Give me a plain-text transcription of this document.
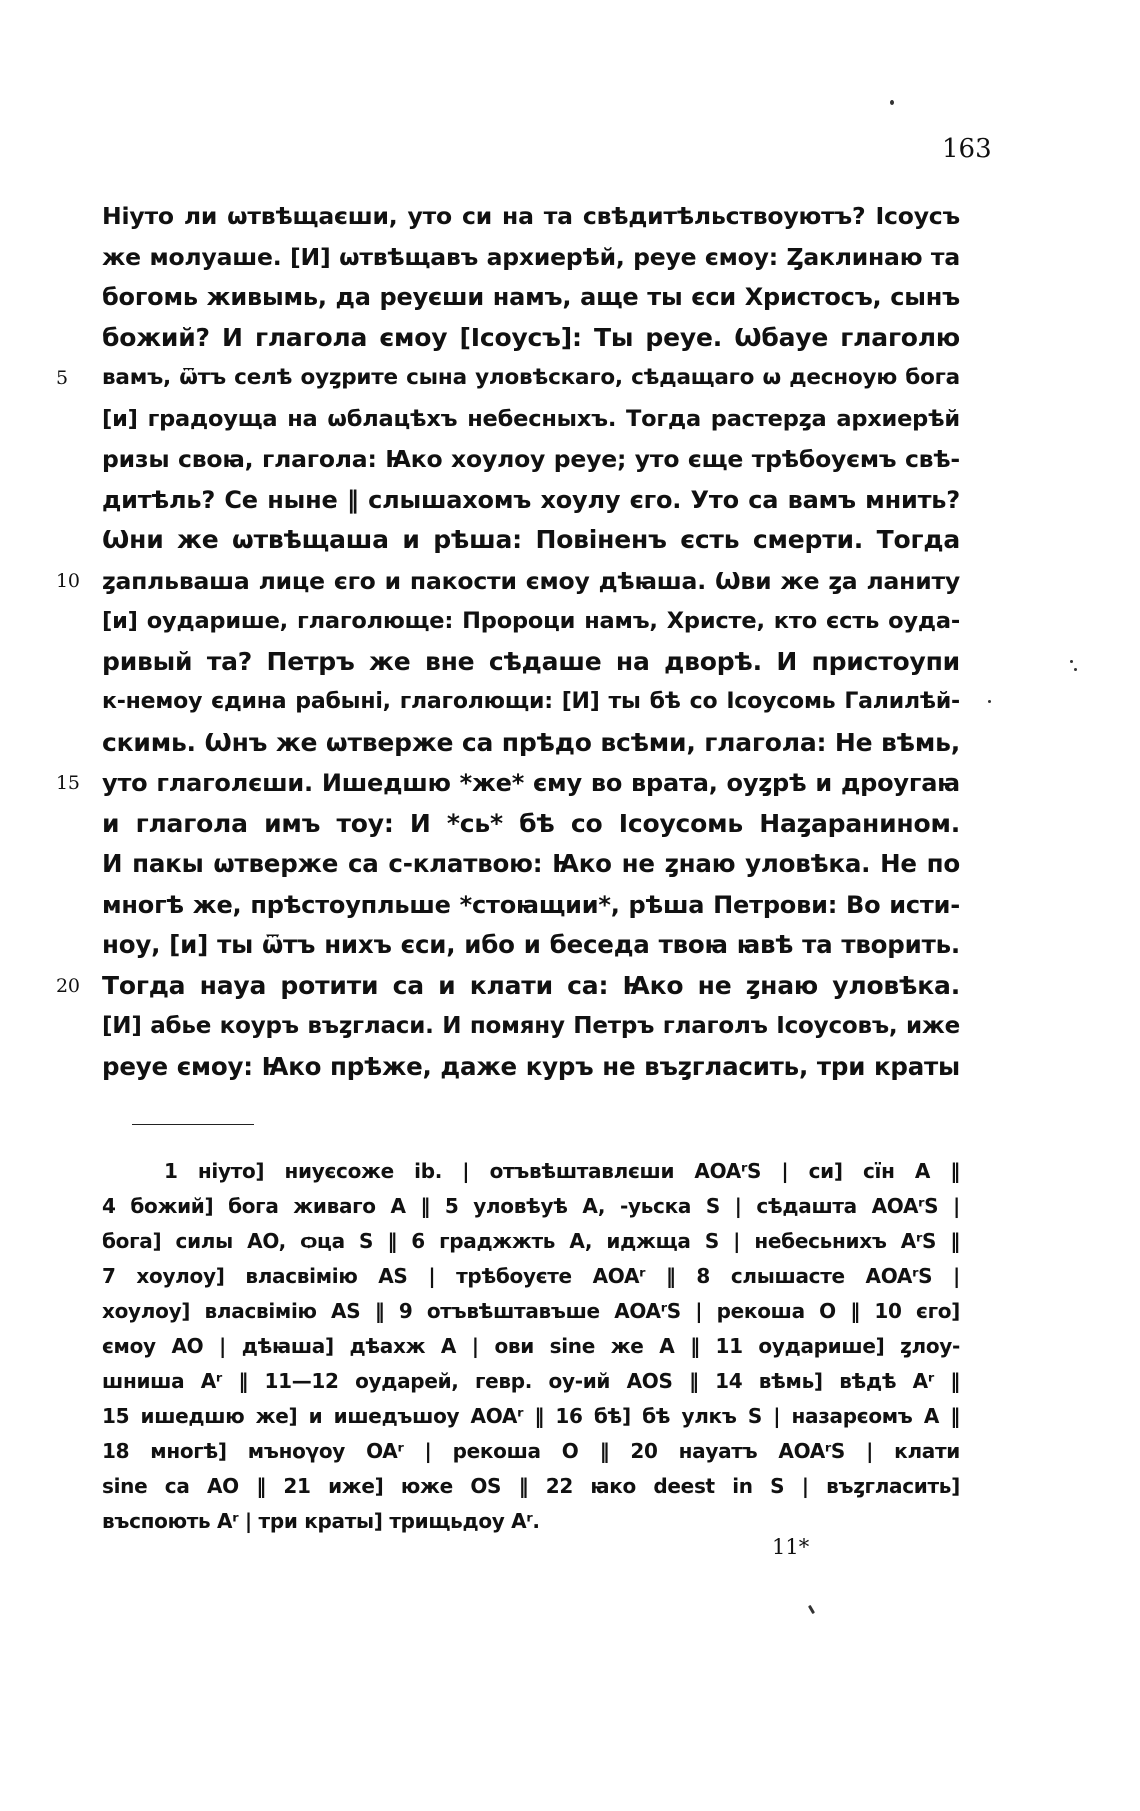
163
Ніуто ли ѡтвѣщаєши, уто си на та свѣдитѣльствоуютъ? Ісоусъ
же молуаше. [И] ѡтвѣщавъ архиерѣй, реуе ємоу: Ȥаклинаю та
богомь живымь, да реуєши намъ, аще ты єси Христосъ, сынъ
божий? И глагола ємоу [Ісоусъ]: Ты реуе. Ѡбауе глаголю
5	вамъ, ѿтъ селѣ оуȥрите сына уловѣскаго, сѣдащаго ѡ десноую бога
[и] градоуща на ѡблацѣхъ небесныхъ. Тогда растерȥа архиерѣй
ризы своꙗ, глагола: Ꙗко хоулоу реуе; уто єще трѣбоуємъ свѣ-
дитѣль? Се ныне ‖ слышахомъ хоулу єго. Уто са вамъ мнить?
Ѡни же ѡтвѣщаша и рѣша: Повіненъ єсть смерти. Тогда
10 ȥапльваша лице єго и пакости ємоу дѣꙗша. Ѡви же ȥа ланиту
[и] оударише, глаголюще: Пророци намъ, Христе, кто єсть оуда-
ривый та? Петръ же вне сѣдаше на дворѣ. И пристоупи
к-немоу єдина рабыні, глаголющи: [И] ты бѣ со Ісоусомь Галилѣй-
скимь. Ѡнъ же ѡтверже са прѣдо всѣми, глагола: Не вѣмь,
15 уто глаголєши. Ишедшю *же* єму во врата, оуȥрѣ и дроугаꙗ
и глагола имъ тоу: И *сь* бѣ со Ісоусомь Наȥаранином.
И пакы ѡтверже са с-клатвою: Ꙗко не ȥнаю уловѣка. Не по
многѣ же, прѣстоупльше *стоꙗщии*, рѣша Петрови: Во исти-
ноу, [и] ты ѿтъ нихъ єси, ибо и беседа твоꙗ ꙗвѣ та творить.
20 Тогда науа ротити са и клати са: Ꙗко не ȥнаю уловѣка.
[И] абье коуръ въȥгласи. И помяну Петръ глаголъ Ісоусовъ, иже
реуе ємоу: Ꙗко прѣже, даже куръ не въȥгласить, три краты
1 ніуто] ниуєсоже ib. | отъвѣштавлєши AOAʳS | си] сїн A ‖
4 божий] бога живаго A ‖ 5 уловѣуѣ A, -уьска S | сѣдашта AOAʳS |
бога] силы AO, ѻца S ‖ 6 граджжть A, иджща S | небесьнихъ AʳS ‖
7 хоулоу] власвімію AS | трѣбоуєте AOAʳ ‖ 8 слышасте AOAʳS |
хоулоу] власвімію AS ‖ 9 отъвѣштавъше AOAʳS | рекоша O ‖ 10 єго]
ємоу AO | дѣꙗша] дѣахж A | ови sine же A ‖ 11 оударише] ȥлоу-
шниша Aʳ ‖ 11—12 оударей, гевр. оу-ий AOS ‖ 14 вѣмь] вѣдѣ Aʳ ‖
15 ишедшю же] и ишедъшоу AOAʳ ‖ 16 бѣ] бѣ улкъ S | назарєомъ A ‖
18 многѣ] мънογоу OAʳ | рекоша O ‖ 20 науатъ AOAʳS | клати
sine са AO ‖ 21 иже] юже OS ‖ 22 ꙗко deest in S | въȥгласить]
въспоють Aʳ | три краты] трищьдоу Aʳ.
11*
